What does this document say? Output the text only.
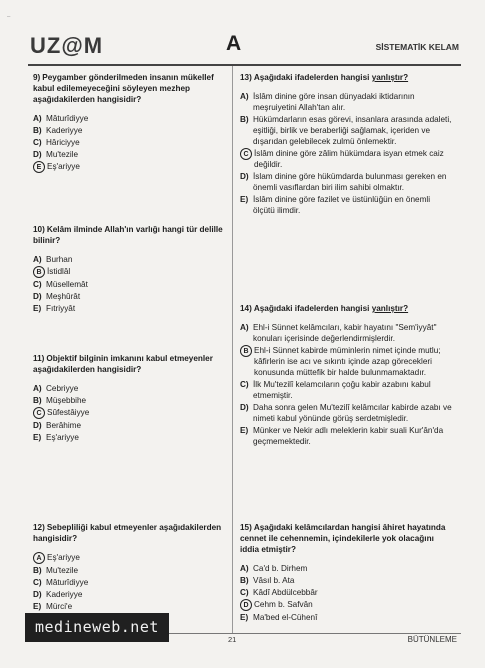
–
UZ@M	A	SİSTEMATİK KELAM
9) Peygamber gönderilmeden insanın mükellef kabul edilemeyeceğini söyleyen mezhep aşağıdakilerden hangisidir?
A) Mâturîdiyye
B) Kaderiyye
C) Hâriciyye
D) Mu'tezile
E Eş'ariyye
10) Kelâm ilminde Allah'ın varlığı hangi tür delille bilinir?
A) Burhan
B İstidlâl
C) Müsellemât
D) Meşhûrât
E) Fıtriyyât
11) Objektif bilginin imkanını kabul etmeyenler aşağıdakilerden hangisidir?
A) Cebriyye
B) Müşebbihe
C Sûfestâiyye
D) Berâhime
E) Eş'ariyye
12) Sebepliliği kabul etmeyenler aşağıdakilerden hangisidir?
A Eş'ariyye
B) Mu'tezile
C) Mâturîdiyye
D) Kaderiyye
E) Mürci'e
13) Aşağıdaki ifadelerden hangisi yanlıştır?
A) İslâm dinine göre insan dünyadaki iktidarının meşruiyetini Allah'tan alır.
B) Hükümdarların esas görevi, insanlara arasında adaleti, eşitliği, birlik ve beraberliği sağlamak, içeriden ve dışarıdan gelebilecek zulmü önlemektir.
C İslâm dinine göre zâlim hükümdara isyan etmek caiz değildir.
D) İslam dinine göre hükümdarda bulunması gereken en önemli vasıflardan biri ilim sahibi olmaktır.
E) İslâm dinine göre fazilet ve üstünlüğün en önemli ölçütü ilimdir.
14) Aşağıdaki ifadelerden hangisi yanlıştır?
A) Ehl-i Sünnet kelâmcıları, kabir hayatını "Sem'iyyât" konuları içerisinde değerlendirmişlerdir.
B Ehl-i Sünnet kabirde müminlerin nimet içinde mutlu; kâfirlerin ise acı ve sıkıntı içinde azap görecekleri konusunda müttefik bir halde bulunmamaktadır.
C) İlk Mu'tezilî kelamcıların çoğu kabir azabını kabul etmemiştir.
D) Daha sonra gelen Mu'tezilî kelâmcılar kabirde azabı ve nimeti kabul yönünde görüş serdetmişledir.
E) Münker ve Nekir adlı meleklerin kabir suali Kur'ân'da geçmemektedir.
15) Aşağıdaki kelâmcılardan hangisi âhiret hayatında cennet ile cehennemin, içindekilerle yok olacağını iddia etmiştir?
A) Ca'd b. Dirhem
B) Vâsıl b. Ata
C) Kâdî Abdülcebbâr
D Cehm b. Safvân
E) Ma'bed el-Cühenî
medineweb.net
21	BÜTÜNLEME
